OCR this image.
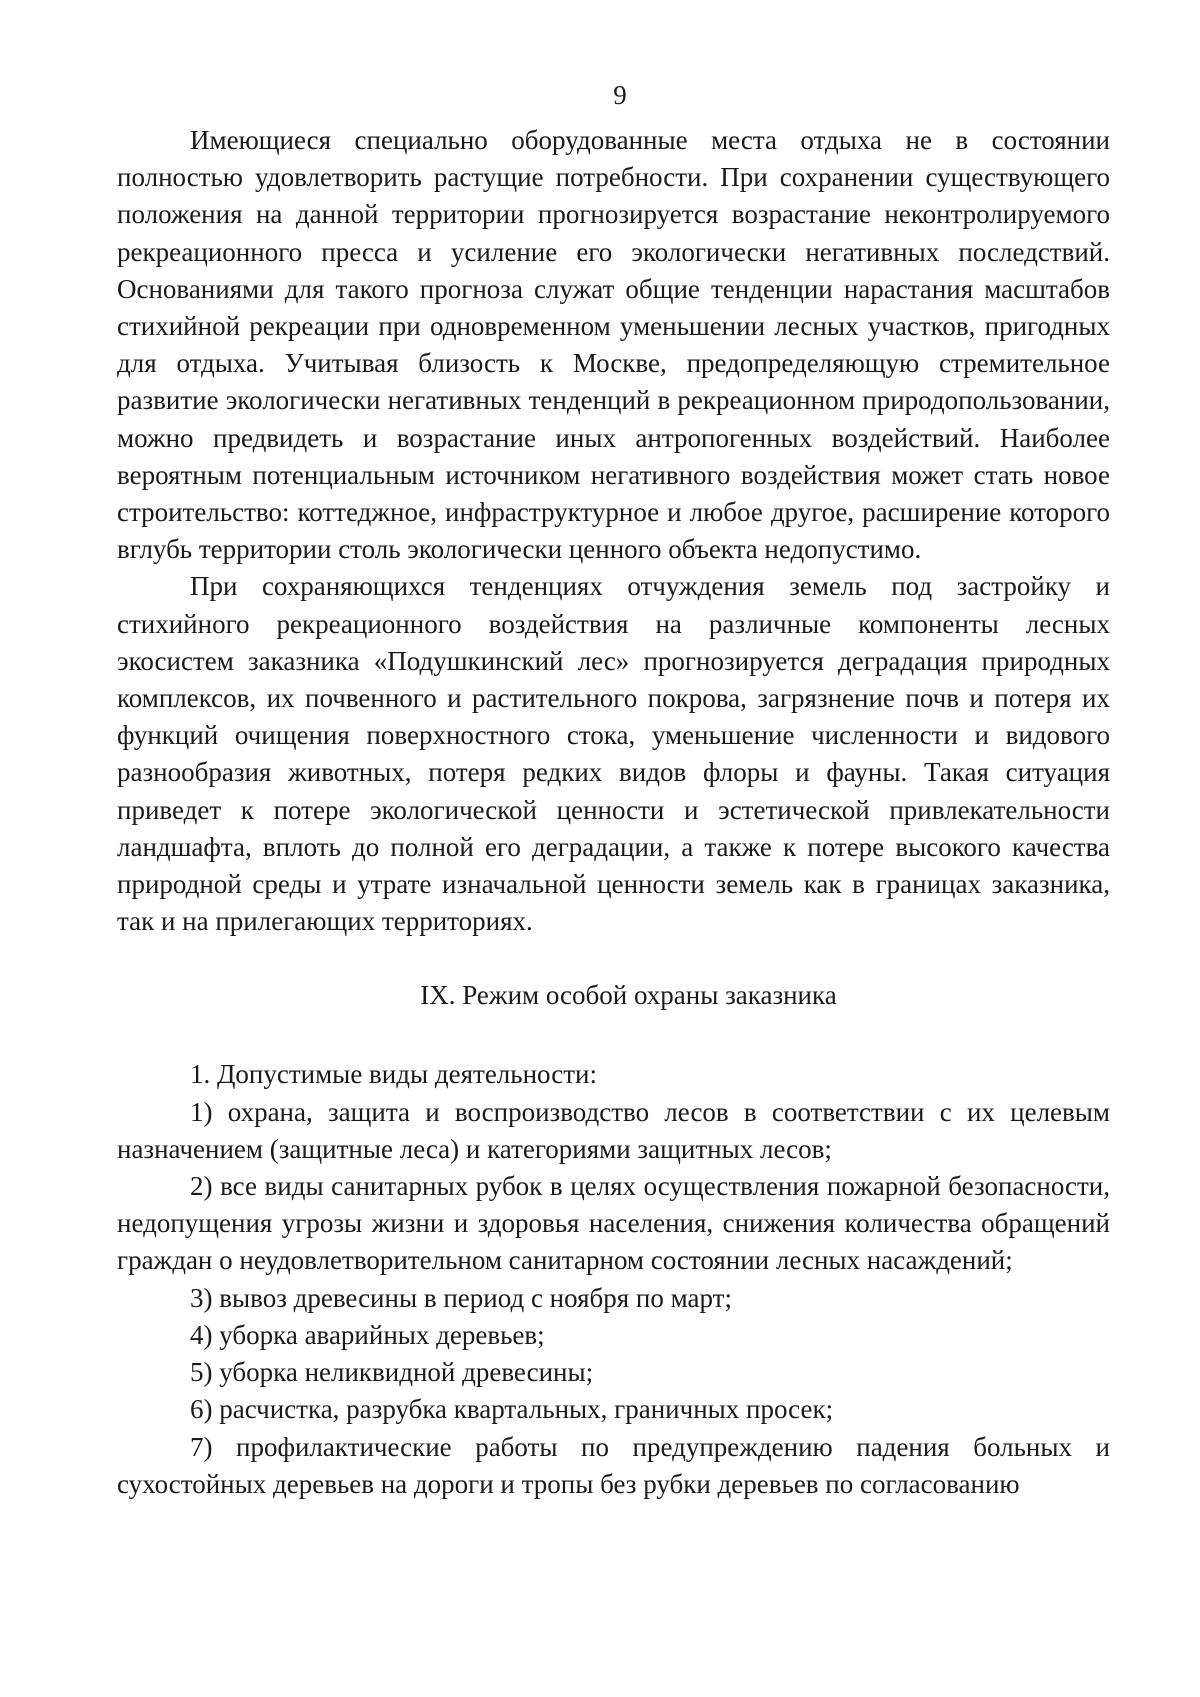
9

Имеющиеся специально оборудованные места отдыха не в состоянии полностью удовлетворить растущие потребности. При сохранении существующего положения на данной территории прогнозируется возрастание неконтролируемого рекреационного пресса и усиление его экологически негативных последствий. Основаниями для такого прогноза служат общие тенденции нарастания масштабов стихийной рекреации при одновременном уменьшении лесных участков, пригодных для отдыха. Учитывая близость к Москве, предопределяющую стремительное развитие экологически негативных тенденций в рекреационном природопользовании, можно предвидеть и возрастание иных антропогенных воздействий. Наиболее вероятным потенциальным источником негативного воздействия может стать новое строительство: коттеджное, инфраструктурное и любое другое, расширение которого вглубь территории столь экологически ценного объекта недопустимо.

При сохраняющихся тенденциях отчуждения земель под застройку и стихийного рекреационного воздействия на различные компоненты лесных экосистем заказника «Подушкинский лес» прогнозируется деградация природных комплексов, их почвенного и растительного покрова, загрязнение почв и потеря их функций очищения поверхностного стока, уменьшение численности и видового разнообразия животных, потеря редких видов флоры и фауны. Такая ситуация приведет к потере экологической ценности и эстетической привлекательности ландшафта, вплоть до полной его деградации, а также к потере высокого качества природной среды и утрате изначальной ценности земель как в границах заказника, так и на прилегающих территориях.

IX. Режим особой охраны заказника

1. Допустимые виды деятельности:

1) охрана, защита и воспроизводство лесов в соответствии с их целевым назначением (защитные леса) и категориями защитных лесов;

2) все виды санитарных рубок в целях осуществления пожарной безопасности, недопущения угрозы жизни и здоровья населения, снижения количества обращений граждан о неудовлетворительном санитарном состоянии лесных насаждений;

3) вывоз древесины в период с ноября по март;

4) уборка аварийных деревьев;

5) уборка неликвидной древесины;

6) расчистка, разрубка квартальных, граничных просек;

7) профилактические работы по предупреждению падения больных и сухостойных деревьев на дороги и тропы без рубки деревьев по согласованию
